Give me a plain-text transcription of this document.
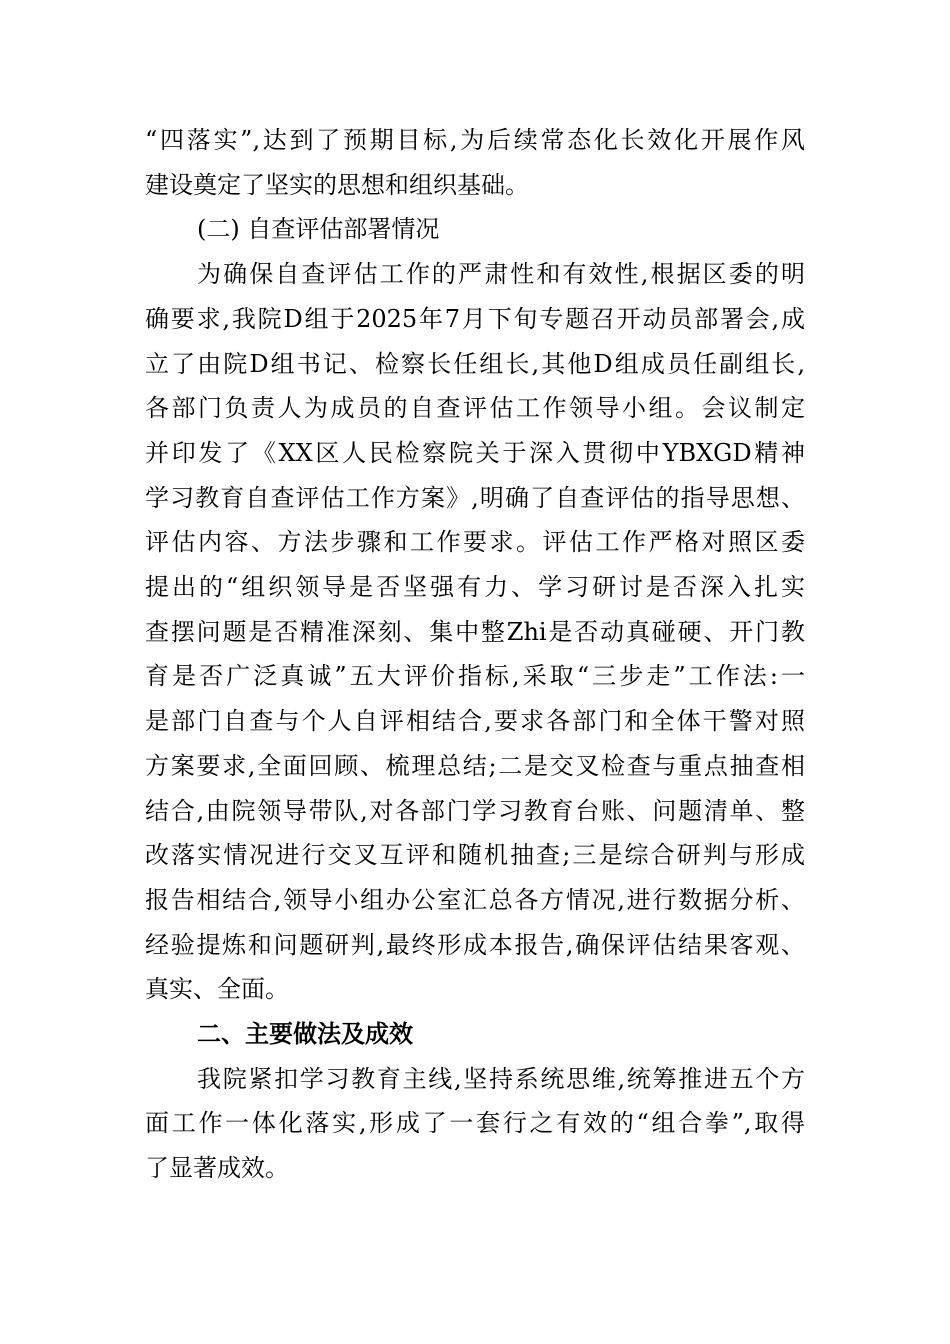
“四落实”,达到了预期目标,为后续常态化长效化开展作风
建设奠定了坚实的思想和组织基础。
(二) 自查评估部署情况
为确保自查评估工作的严肃性和有效性,根据区委的明
确要求,我院D组于2025年7月下旬专题召开动员部署会,成
立了由院D组书记、检察长任组长,其他D组成员任副组长,
各部门负责人为成员的自查评估工作领导小组。会议制定
并印发了《XX区人民检察院关于深入贯彻中YBXGD精神
学习教育自查评估工作方案》,明确了自查评估的指导思想、
评估内容、方法步骤和工作要求。评估工作严格对照区委
提出的“组织领导是否坚强有力、学习研讨是否深入扎实
查摆问题是否精准深刻、集中整Zhi是否动真碰硬、开门教
育是否广泛真诚”五大评价指标,采取“三步走”工作法:一
是部门自查与个人自评相结合,要求各部门和全体干警对照
方案要求,全面回顾、梳理总结;二是交叉检查与重点抽查相
结合,由院领导带队,对各部门学习教育台账、问题清单、整
改落实情况进行交叉互评和随机抽查;三是综合研判与形成
报告相结合,领导小组办公室汇总各方情况,进行数据分析、
经验提炼和问题研判,最终形成本报告,确保评估结果客观、
真实、全面。
二、主要做法及成效
我院紧扣学习教育主线,坚持系统思维,统筹推进五个方
面工作一体化落实,形成了一套行之有效的“组合拳”,取得
了显著成效。
